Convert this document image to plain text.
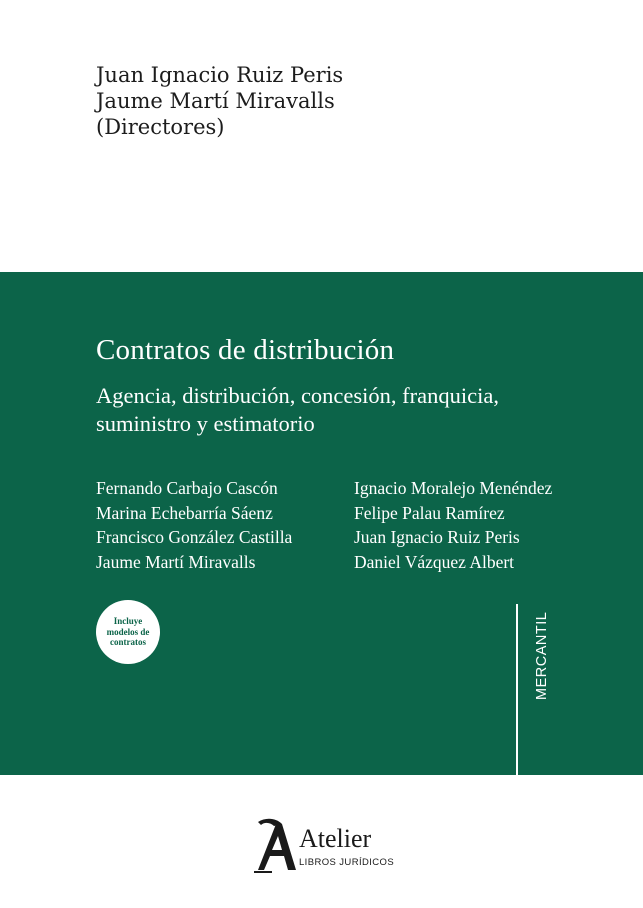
Juan Ignacio Ruiz Peris
Jaume Martí Miravalls
(Directores)
Contratos de distribución
Agencia, distribución, concesión, franquicia,
suministro y estimatorio
Fernando Carbajo Cascón
Marina Echebarría Sáenz
Francisco González Castilla
Jaume Martí Miravalls
Ignacio Moralejo Menéndez
Felipe Palau Ramírez
Juan Ignacio Ruiz Peris
Daniel Vázquez Albert
Incluye
modelos de
contratos	MERCANTIL
Atelier
LIBROS JURÍDICOS
